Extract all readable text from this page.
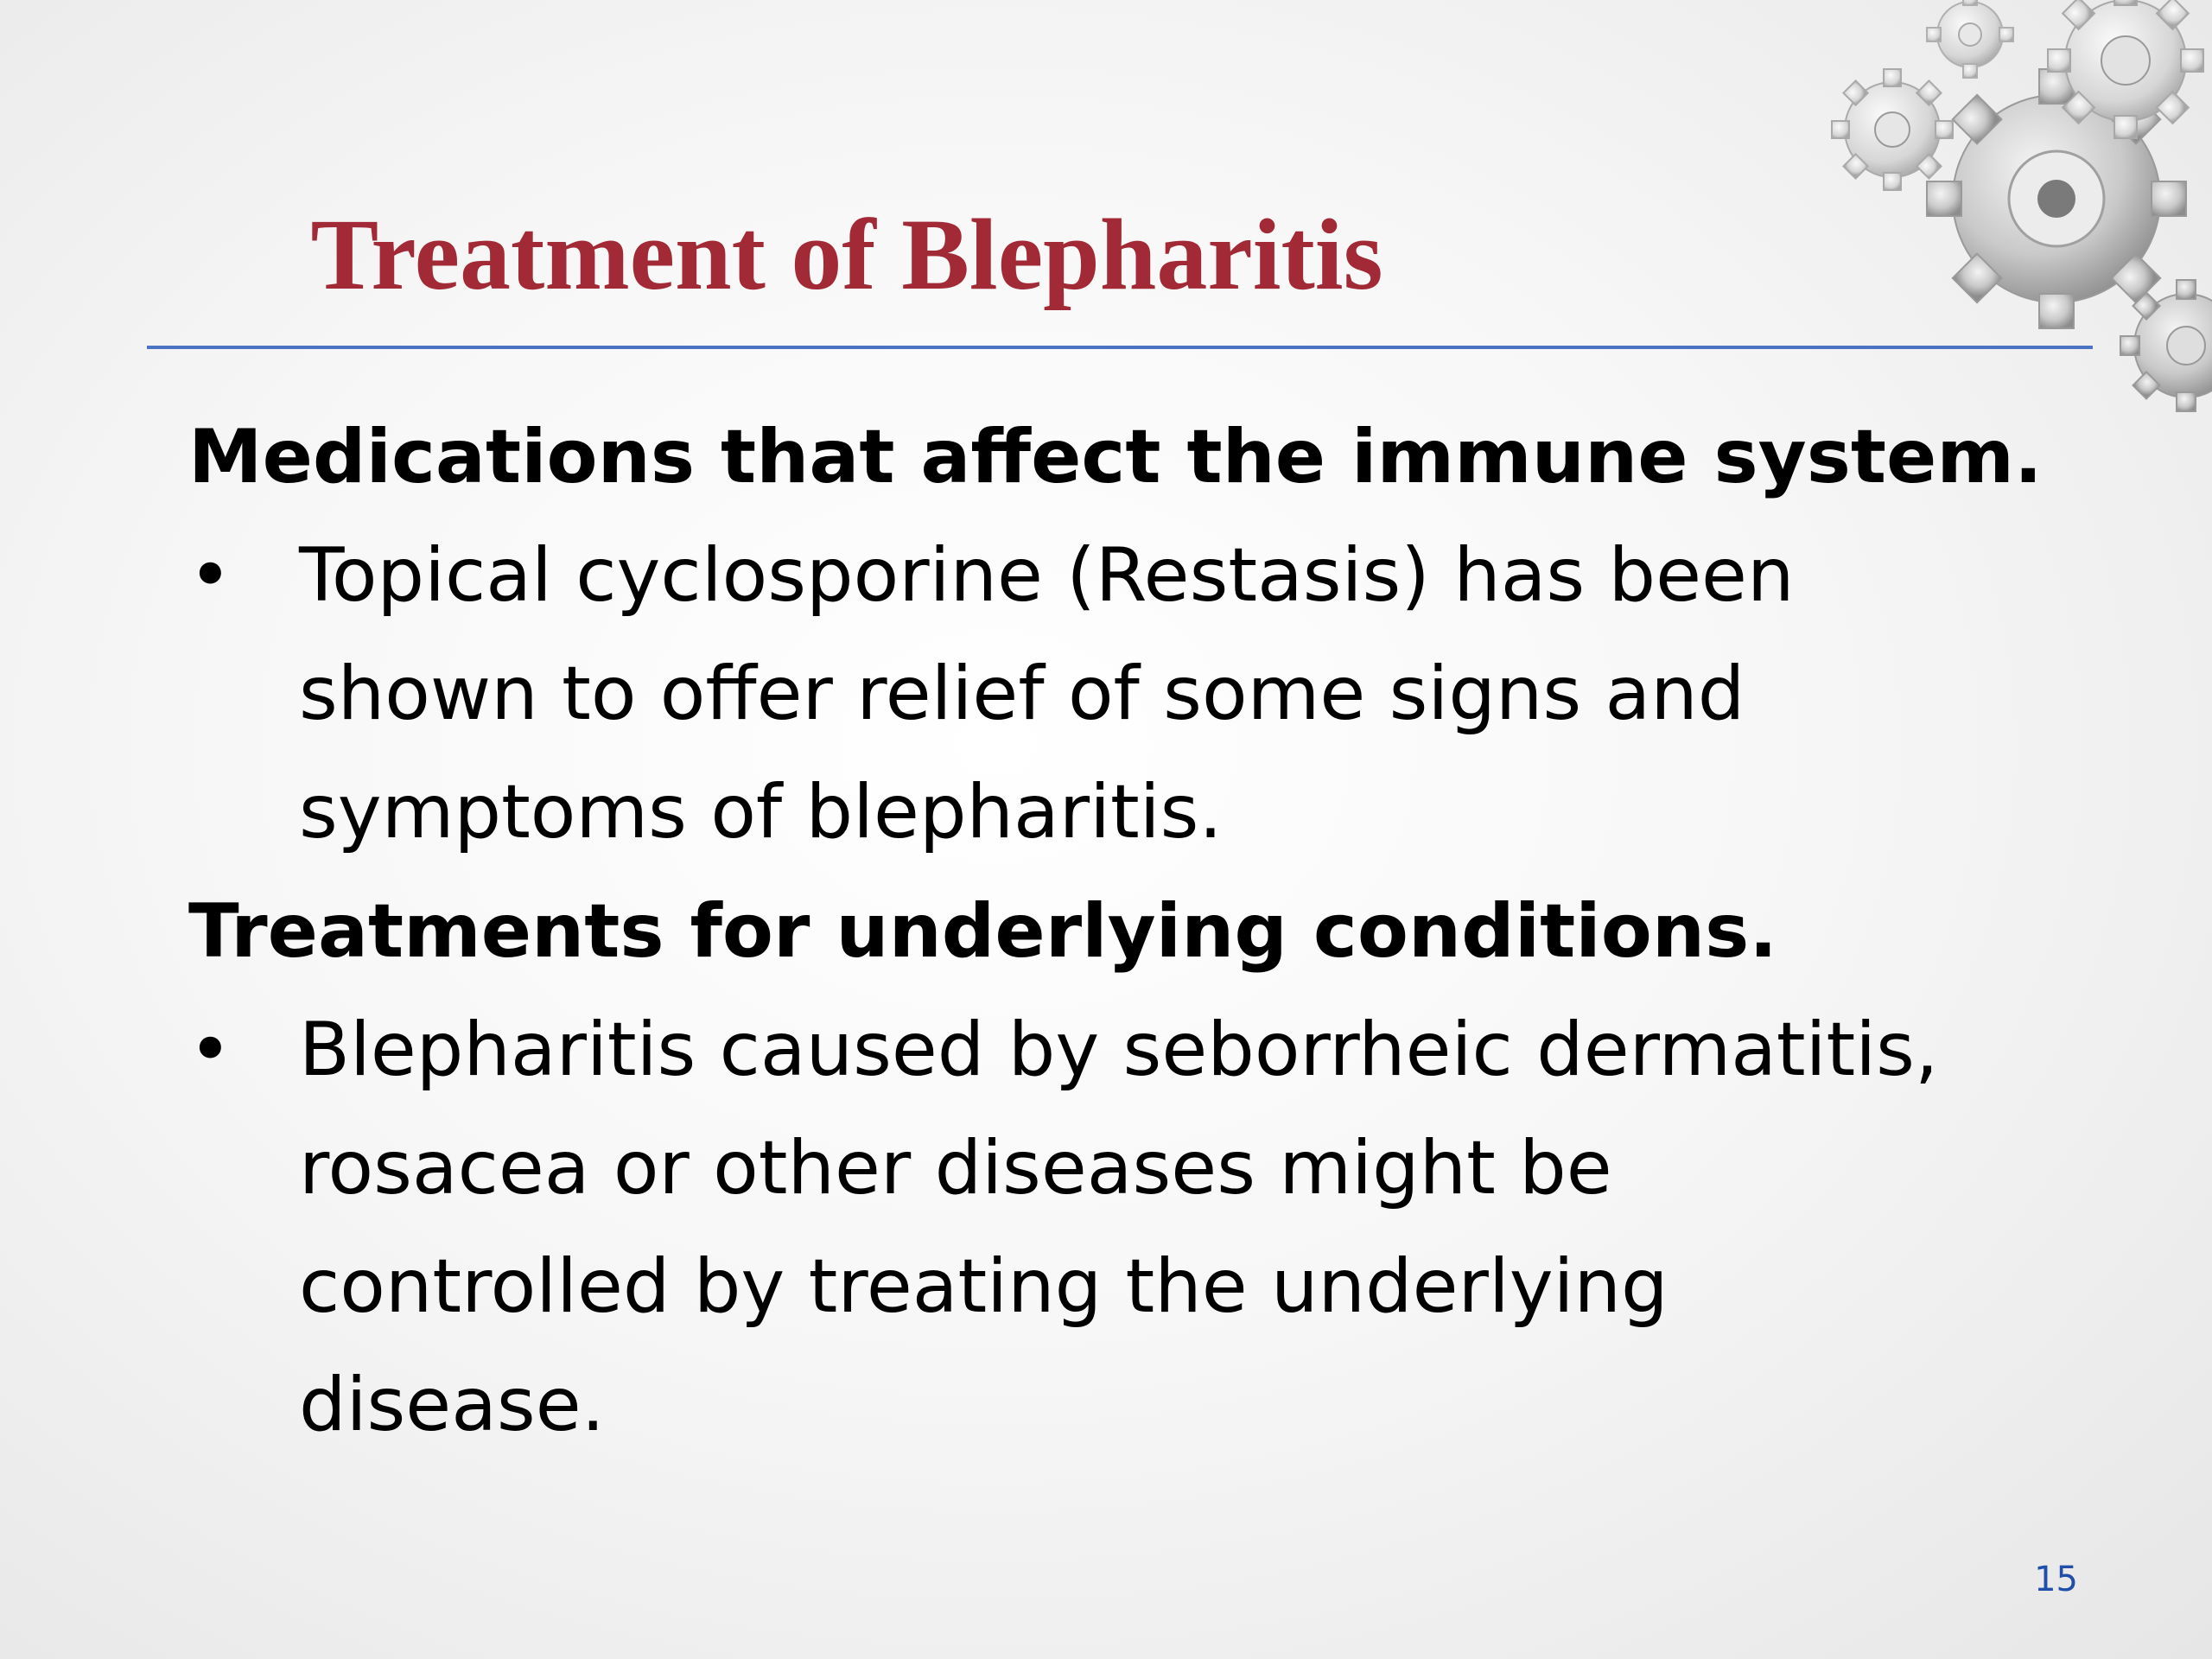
Treatment of Blepharitis

Medications that affect the immune system.

• Topical cyclosporine (Restasis) has been
shown to offer relief of some signs and
symptoms of blepharitis.

Treatments for underlying conditions.

• Blepharitis caused by seborrheic dermatitis,
rosacea or other diseases might be
controlled by treating the underlying
disease.
15
